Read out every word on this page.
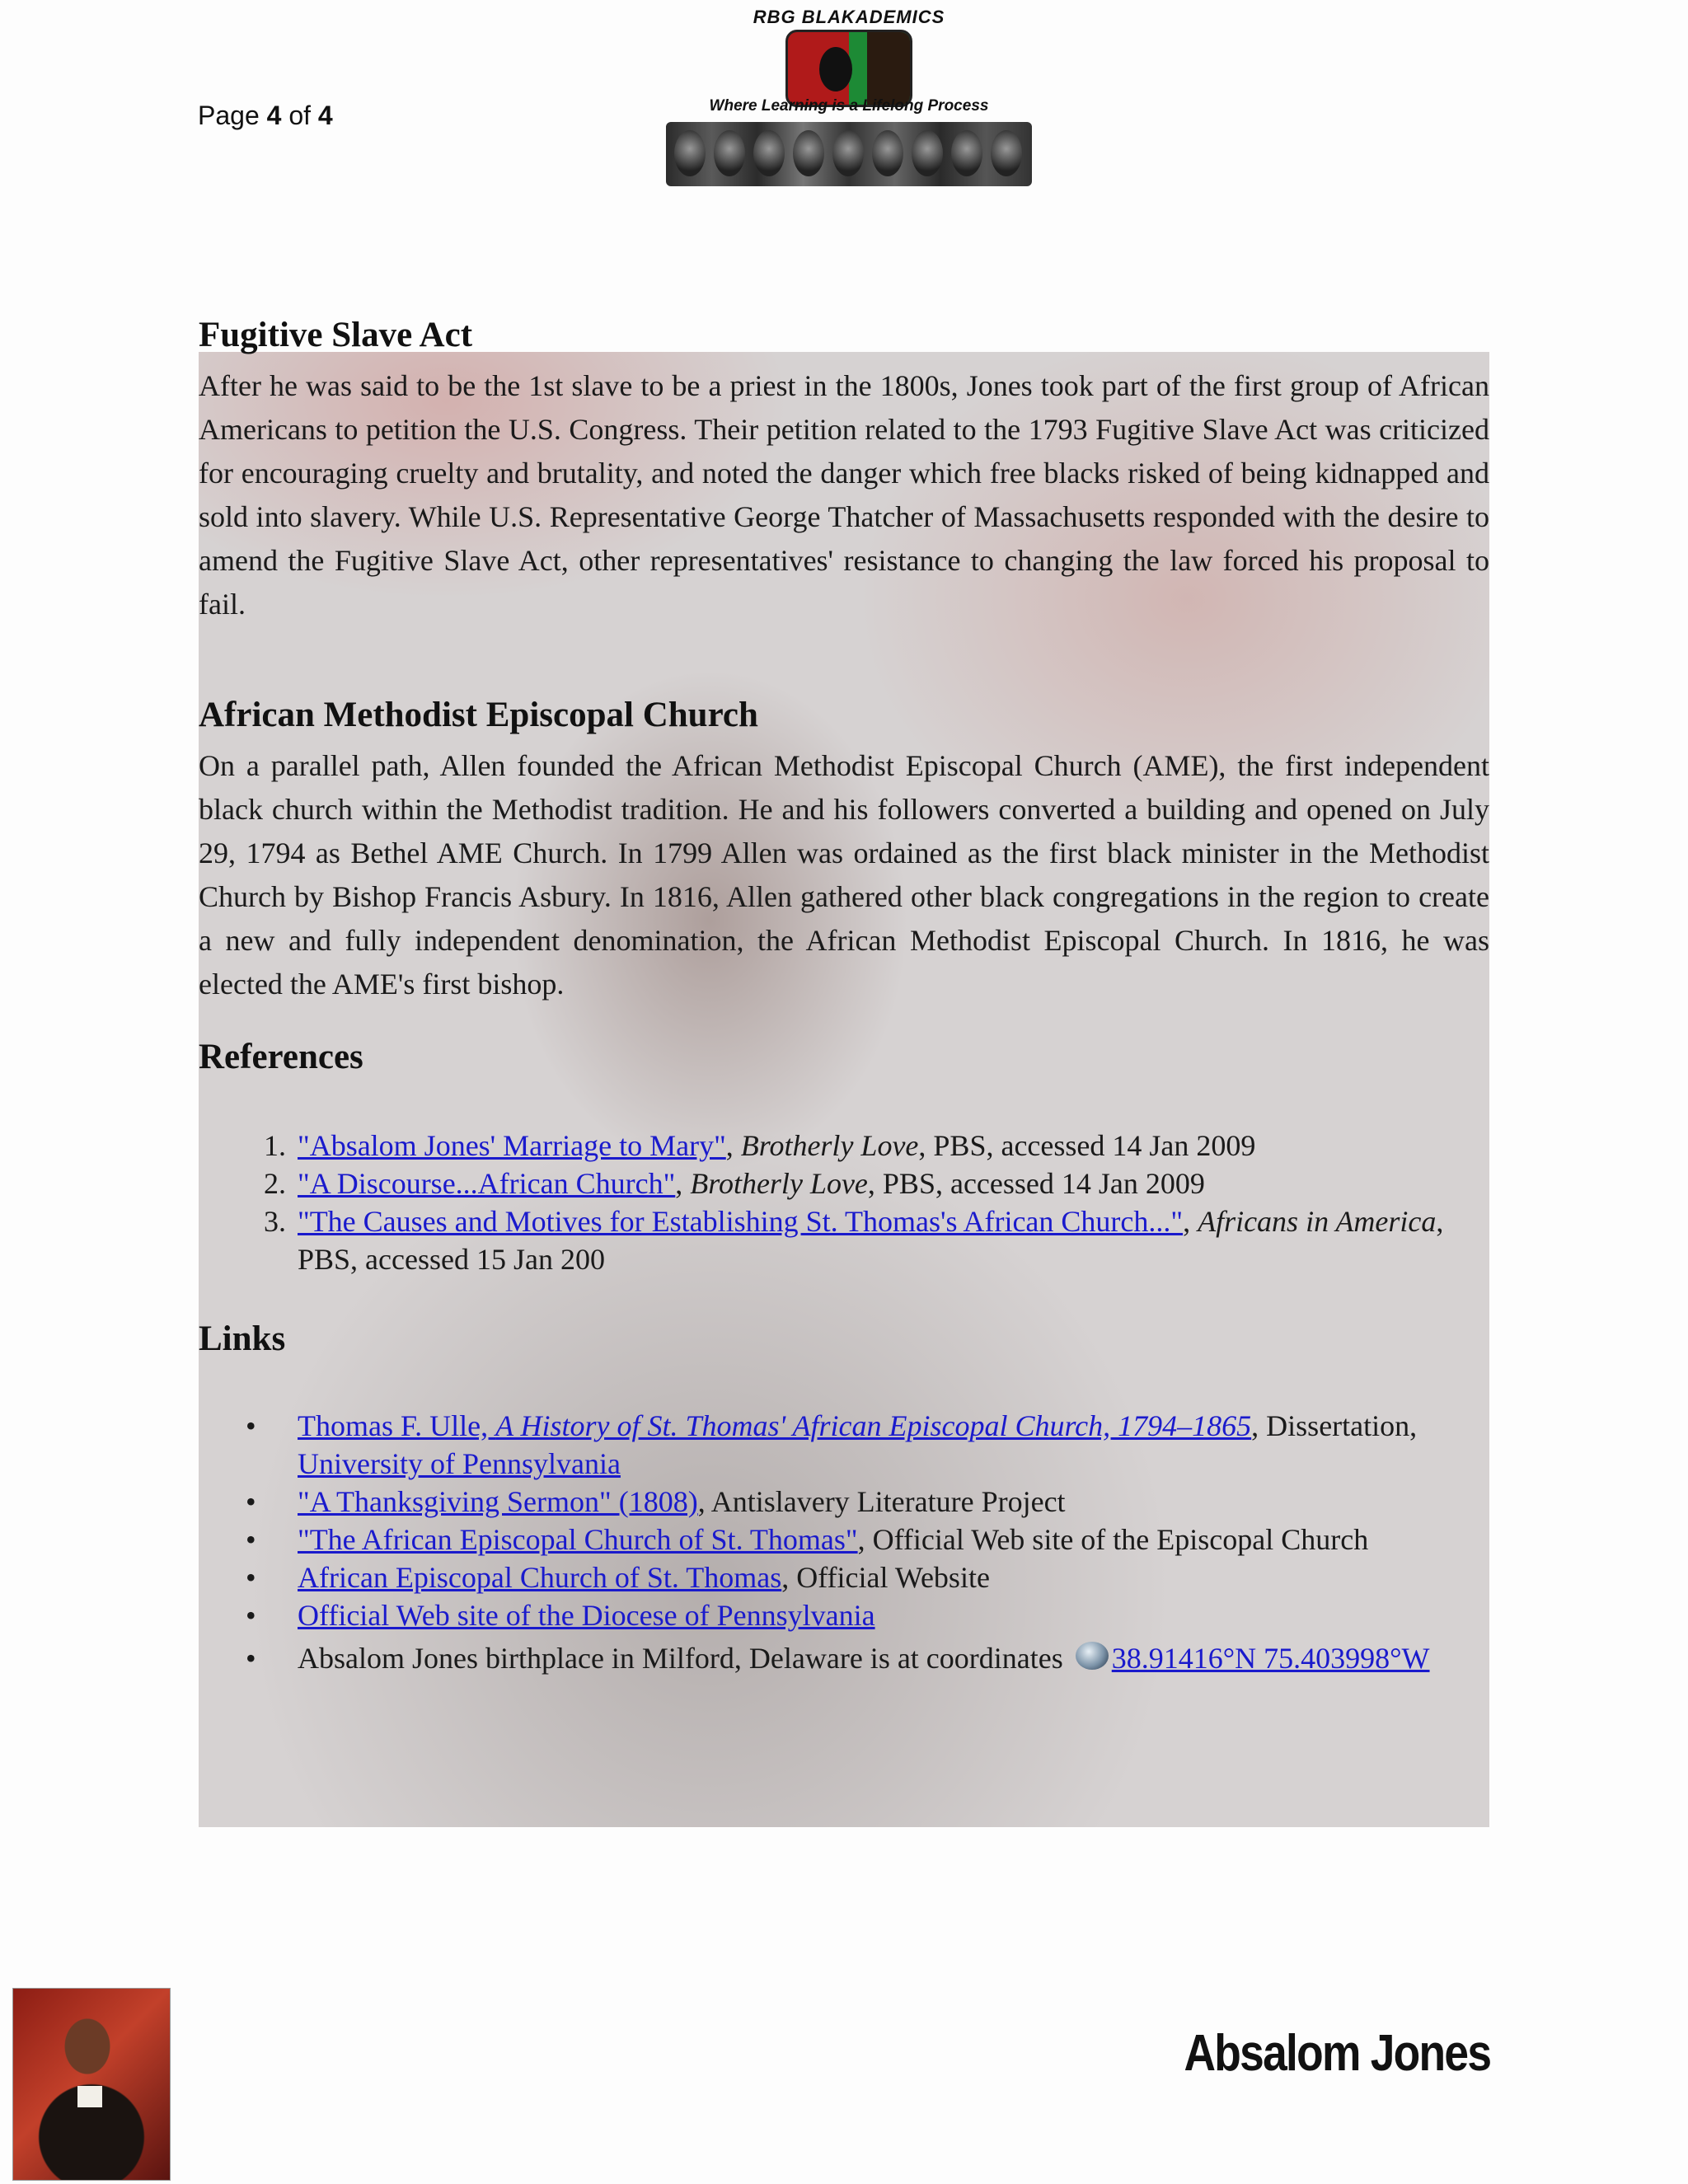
Page 4 of 4
RBG BLAKADEMICS
Where Learning is a Lifelong Process
Fugitive Slave Act
After he was said to be the 1st slave to be a priest in the 1800s, Jones took part of the first group of African Americans to petition the U.S. Congress. Their petition related to the 1793 Fugitive Slave Act was criticized for encouraging cruelty and brutality, and noted the danger which free blacks risked of being kidnapped and sold into slavery. While U.S. Representative George Thatcher of Massachusetts responded with the desire to amend the Fugitive Slave Act, other representatives' resistance to changing the law forced his proposal to fail.
African Methodist Episcopal Church
On a parallel path, Allen founded the African Methodist Episcopal Church (AME), the first independent black church within the Methodist tradition. He and his followers converted a building and opened on July 29, 1794 as Bethel AME Church. In 1799 Allen was ordained as the first black minister in the Methodist Church by Bishop Francis Asbury. In 1816, Allen gathered other black congregations in the region to create a new and fully independent denomination, the African Methodist Episcopal Church. In 1816, he was elected the AME's first bishop.
References
1. "Absalom Jones' Marriage to Mary", Brotherly Love, PBS, accessed 14 Jan 2009
2. "A Discourse...African Church", Brotherly Love, PBS, accessed 14 Jan 2009
3. "The Causes and Motives for Establishing St. Thomas's African Church...", Africans in America, PBS, accessed 15 Jan 200
Links
• Thomas F. Ulle, A History of St. Thomas' African Episcopal Church, 1794–1865, Dissertation, University of Pennsylvania
• "A Thanksgiving Sermon" (1808), Antislavery Literature Project
• "The African Episcopal Church of St. Thomas", Official Web site of the Episcopal Church
• African Episcopal Church of St. Thomas, Official Website
• Official Web site of the Diocese of Pennsylvania
• Absalom Jones birthplace in Milford, Delaware is at coordinates 38.91416°N 75.403998°W
Absalom Jones
